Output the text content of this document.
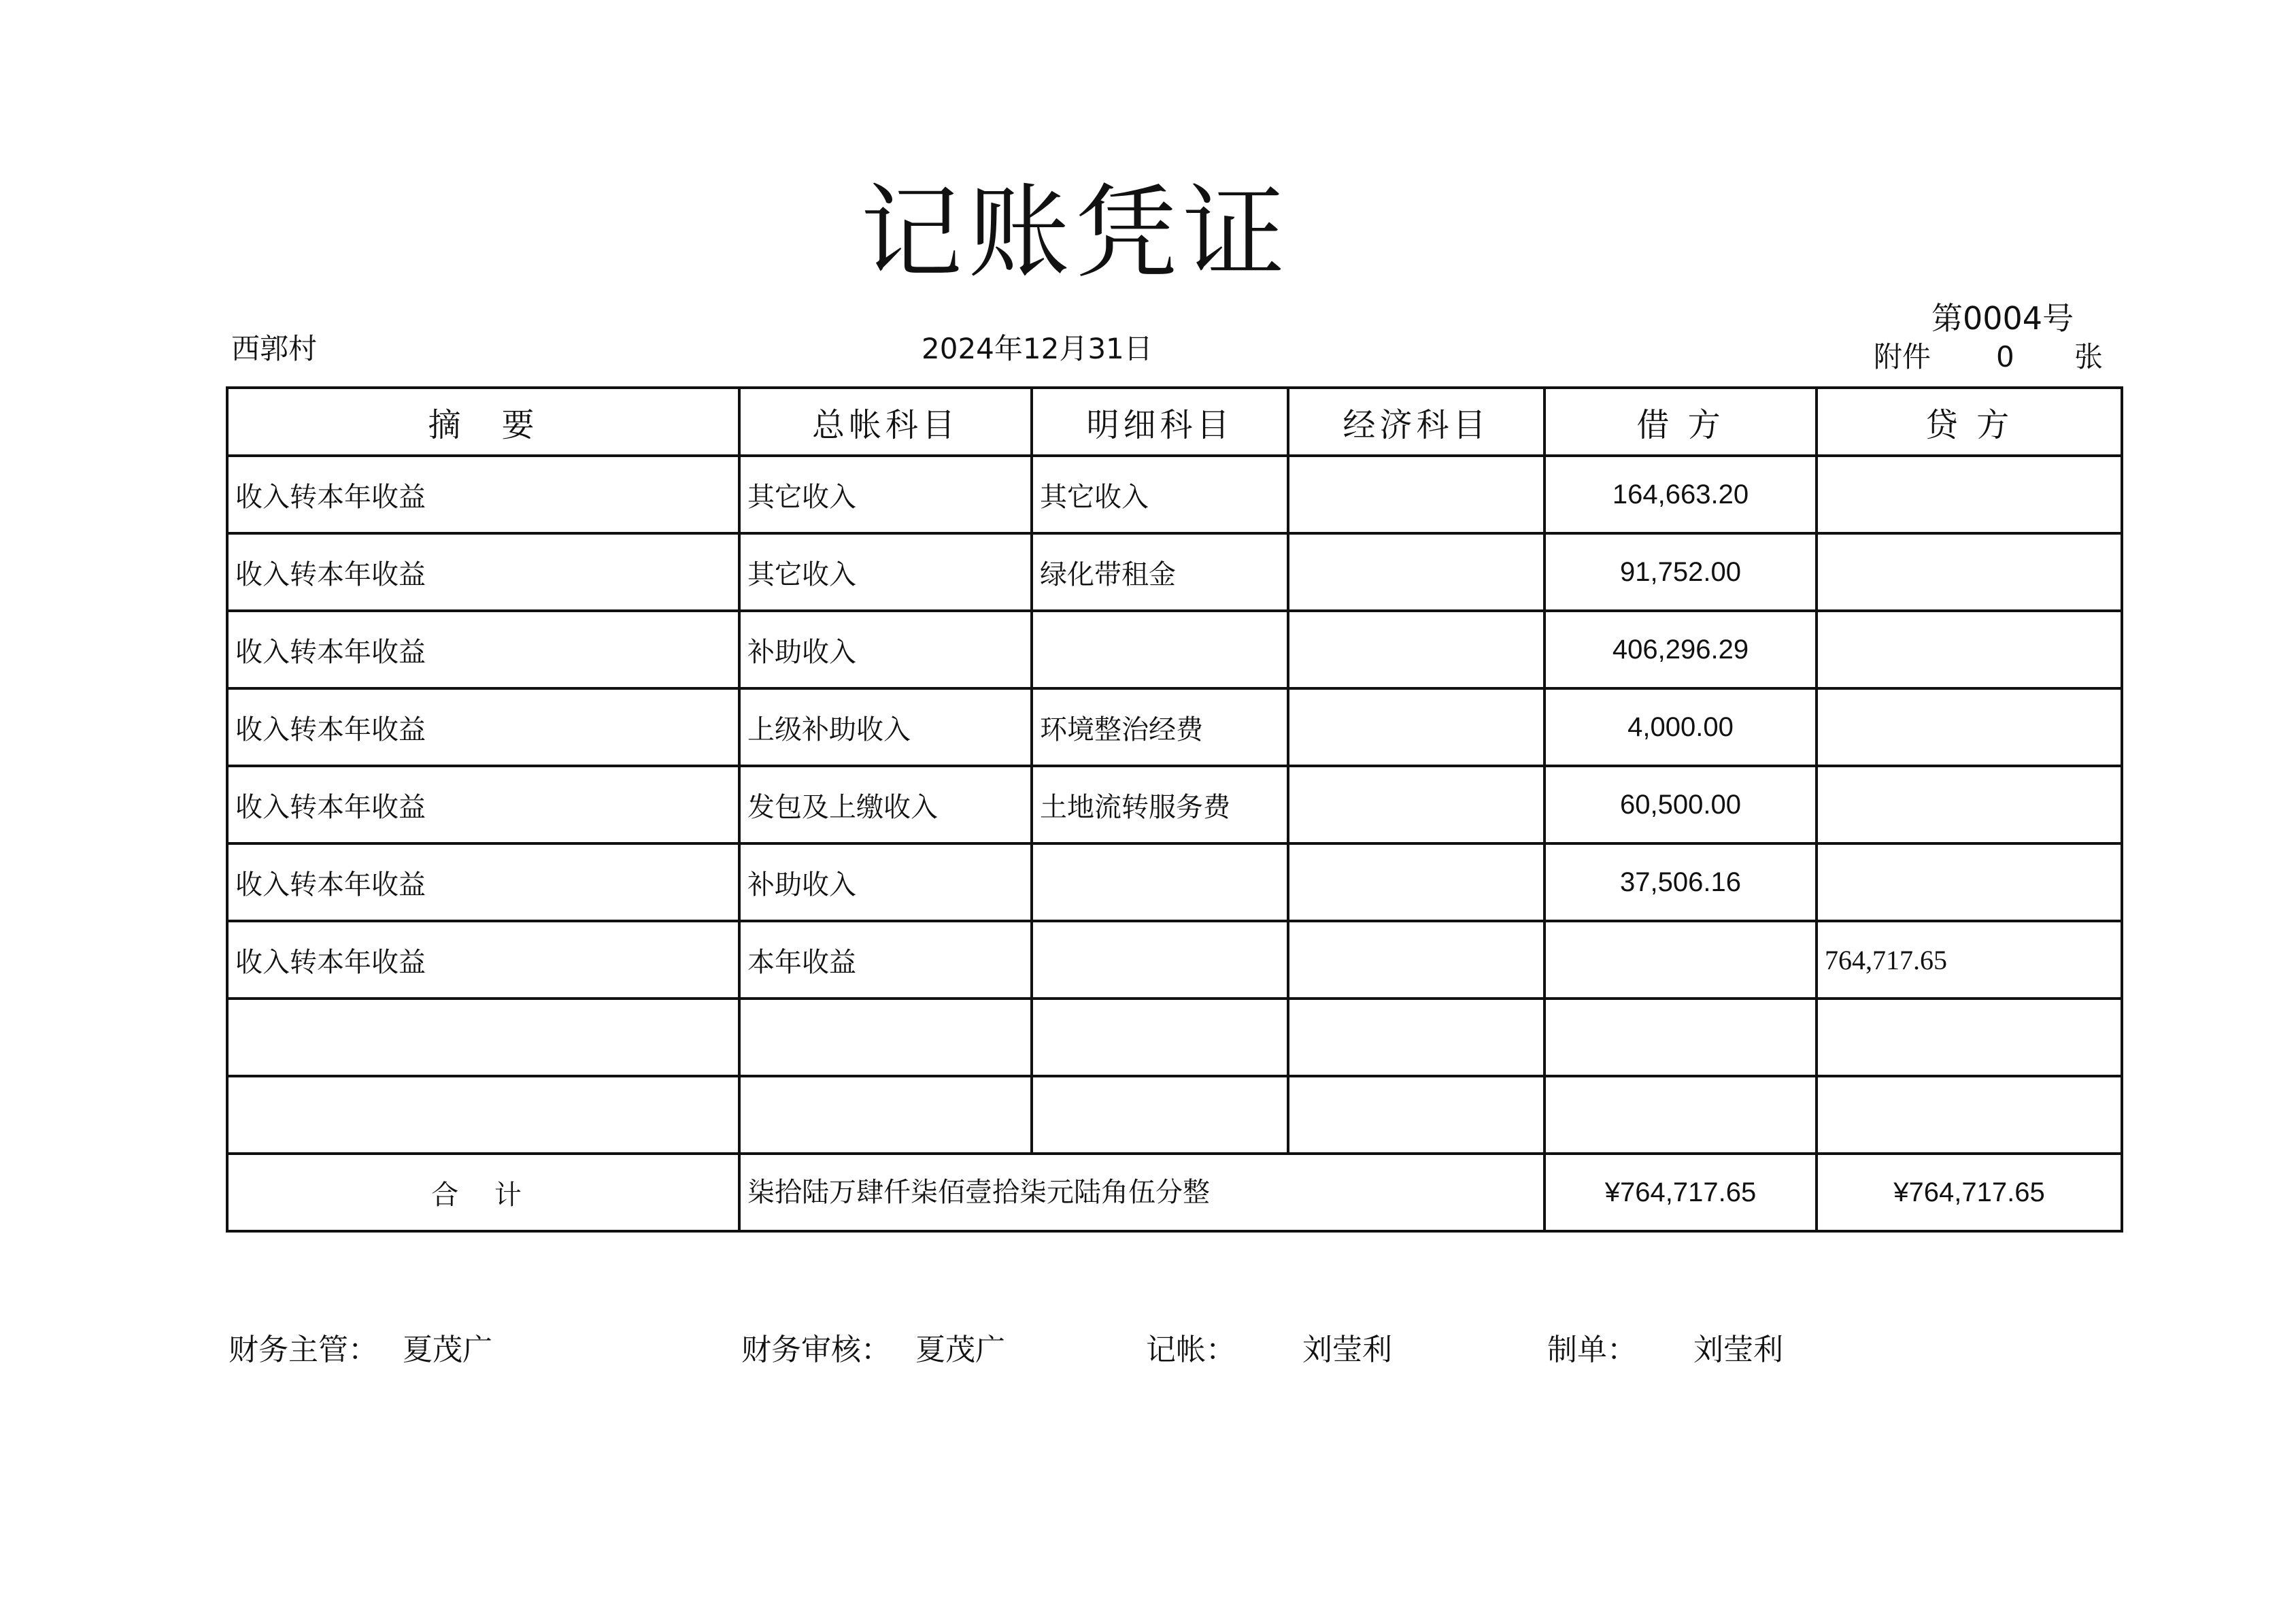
记账凭证
西郭村	2024年12月31日
第0004号
附件 0 张
摘　要	总帐科目	明细科目	经济科目	借 方	贷 方
收入转本年收益	其它收入	其它收入		164,663.20	
收入转本年收益	其它收入	绿化带租金		91,752.00	
收入转本年收益	补助收入			406,296.29	
收入转本年收益	上级补助收入	环境整治经费		4,000.00	
收入转本年收益	发包及上缴收入	土地流转服务费		60,500.00	
收入转本年收益	补助收入			37,506.16	
收入转本年收益	本年收益				764,717.65

合 计	柒拾陆万肆仟柒佰壹拾柒元陆角伍分整			¥764,717.65	¥764,717.65
财务主管： 夏茂广	财务审核： 夏茂广	记帐： 刘莹利	制单： 刘莹利
